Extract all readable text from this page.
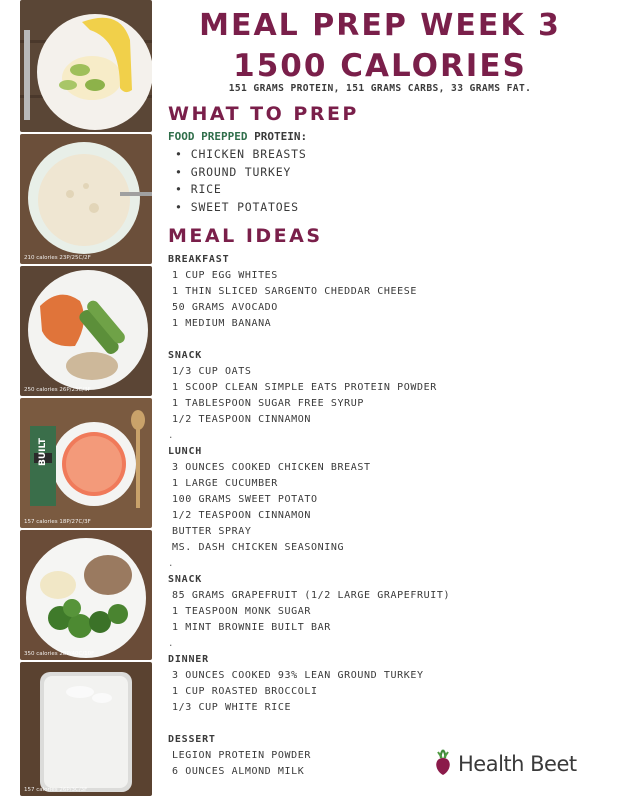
210 calories 23P/25C/2F
250 calories 26P/25C/3F
BUILT
157 calories 18P/27C/3F
350 calories 28P/40C/10F
157 calories 26P/3C/3F
MEAL PREP WEEK 3
1500 CALORIES
151 GRAMS PROTEIN, 151 GRAMS CARBS, 33 GRAMS FAT.
WHAT TO PREP
FOOD PREPPED PROTEIN:
• CHICKEN BREASTS
• GROUND TURKEY
• RICE
• SWEET POTATOES
MEAL IDEAS
BREAKFAST
1 CUP EGG WHITES
1 THIN SLICED SARGENTO CHEDDAR CHEESE
50 GRAMS AVOCADO
1 MEDIUM BANANA
SNACK
1/3 CUP OATS
1 SCOOP CLEAN SIMPLE EATS PROTEIN POWDER
1 TABLESPOON SUGAR FREE SYRUP
1/2 TEASPOON CINNAMON
.
LUNCH
3 OUNCES COOKED CHICKEN BREAST
1 LARGE CUCUMBER
100 GRAMS SWEET POTATO
1/2 TEASPOON CINNAMON
BUTTER SPRAY
MS. DASH CHICKEN SEASONING
.
SNACK
85 GRAMS GRAPEFRUIT (1/2 LARGE GRAPEFRUIT)
1 TEASPOON MONK SUGAR
1 MINT BROWNIE BUILT BAR
.
DINNER
3 OUNCES COOKED 93% LEAN GROUND TURKEY
1 CUP ROASTED BROCCOLI
1/3 CUP WHITE RICE
DESSERT
LEGION PROTEIN POWDER
6 OUNCES ALMOND MILK	Health Beet
